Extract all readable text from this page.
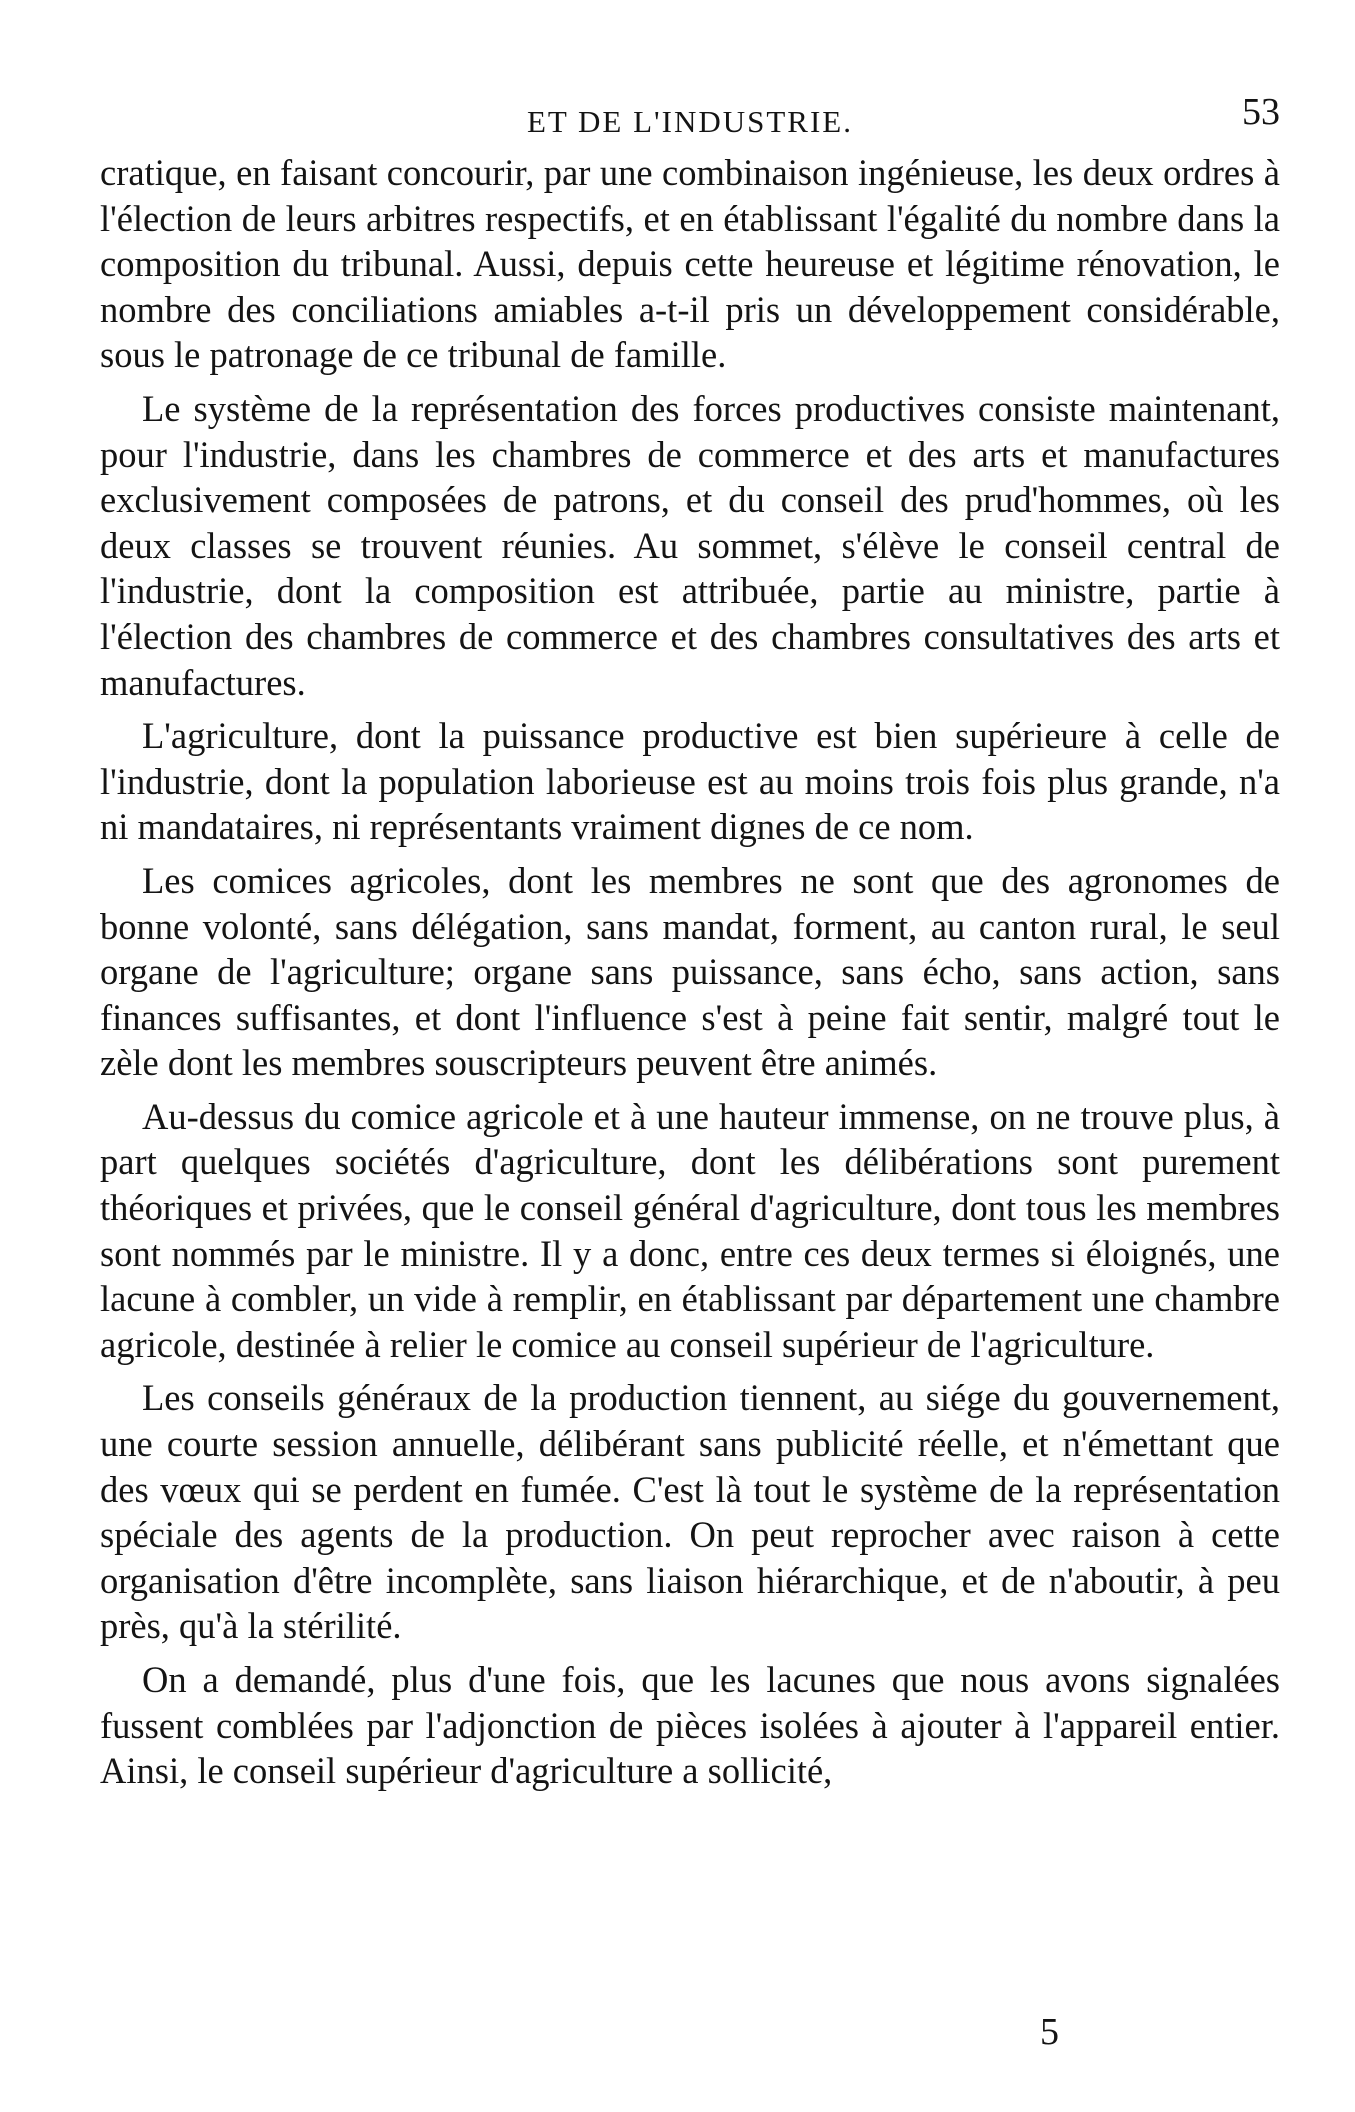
ET DE L'INDUSTRIE.	53

cratique, en faisant concourir, par une combinaison ingénieuse, les deux ordres à l'élection de leurs arbitres respectifs, et en établissant l'égalité du nombre dans la composition du tribunal. Aussi, depuis cette heureuse et légitime rénovation, le nombre des conciliations amiables a-t-il pris un développement considérable, sous le patronage de ce tribunal de famille.

Le système de la représentation des forces productives consiste maintenant, pour l'industrie, dans les chambres de commerce et des arts et manufactures exclusivement composées de patrons, et du conseil des prud'hommes, où les deux classes se trouvent réunies. Au sommet, s'élève le conseil central de l'industrie, dont la composition est attribuée, partie au ministre, partie à l'élection des chambres de commerce et des chambres consultatives des arts et manufactures.

L'agriculture, dont la puissance productive est bien supérieure à celle de l'industrie, dont la population laborieuse est au moins trois fois plus grande, n'a ni mandataires, ni représentants vraiment dignes de ce nom.

Les comices agricoles, dont les membres ne sont que des agronomes de bonne volonté, sans délégation, sans mandat, forment, au canton rural, le seul organe de l'agriculture; organe sans puissance, sans écho, sans action, sans finances suffisantes, et dont l'influence s'est à peine fait sentir, malgré tout le zèle dont les membres souscripteurs peuvent être animés.

Au-dessus du comice agricole et à une hauteur immense, on ne trouve plus, à part quelques sociétés d'agriculture, dont les délibérations sont purement théoriques et privées, que le conseil général d'agriculture, dont tous les membres sont nommés par le ministre. Il y a donc, entre ces deux termes si éloignés, une lacune à combler, un vide à remplir, en établissant par département une chambre agricole, destinée à relier le comice au conseil supérieur de l'agriculture.

Les conseils généraux de la production tiennent, au siége du gouvernement, une courte session annuelle, délibérant sans publicité réelle, et n'émettant que des vœux qui se perdent en fumée. C'est là tout le système de la représentation spéciale des agents de la production. On peut reprocher avec raison à cette organisation d'être incomplète, sans liaison hiérarchique, et de n'aboutir, à peu près, qu'à la stérilité.

On a demandé, plus d'une fois, que les lacunes que nous avons signalées fussent comblées par l'adjonction de pièces isolées à ajouter à l'appareil entier. Ainsi, le conseil supérieur d'agriculture a sollicité,

5
